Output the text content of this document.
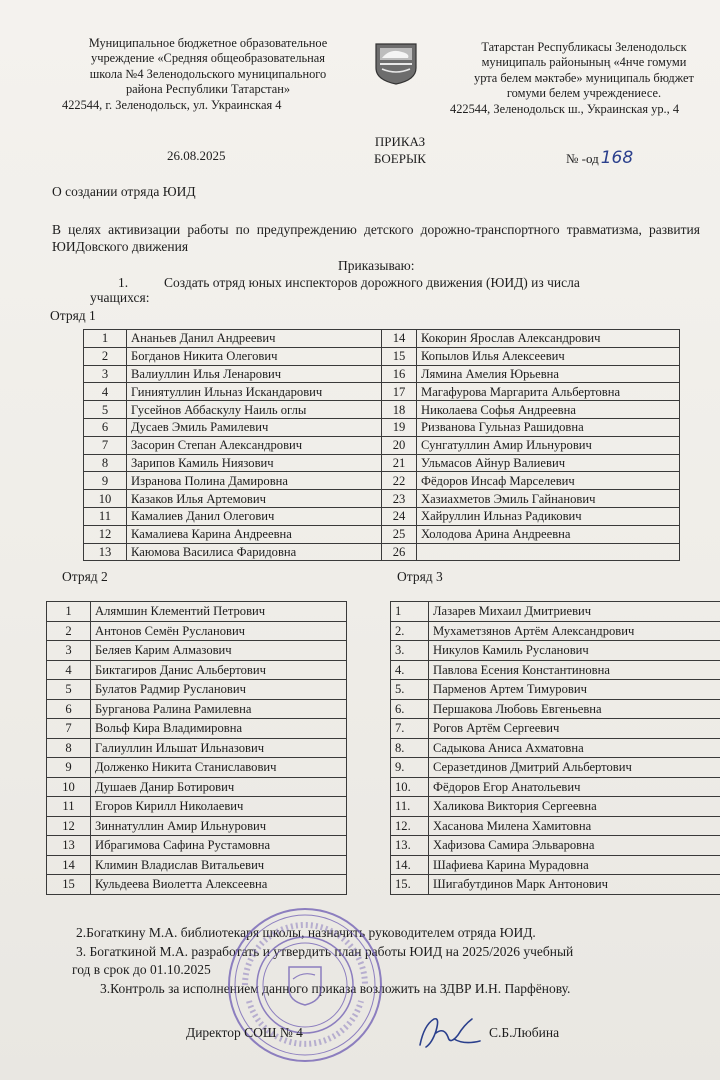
Муниципальное бюджетное образовательное
учреждение «Средняя общеобразовательная
школа №4 Зеленодольского муниципального
района Республики Татарстан»
422544, г. Зеленодольск, ул. Украинская 4
Татарстан Республикасы Зеленодольск
муниципаль районының «4нче гомуми
урта белем мәктәбе» муниципаль бюджет
гомуми белем учреждениесе.
422544, Зеленодольск ш., Украинская ур., 4
ПРИКАЗ
БОЕРЫК
26.08.2025	№ -од 168
О создании отряда ЮИД
В целях активизации работы по предупреждению детского дорожно-транспортного травматизма, развития ЮИДовского движения
Приказываю:
1.	Создать отряд юных инспекторов дорожного движения (ЮИД) из числа
учащихся:
Отряд 1
1	Ананьев Данил Андреевич	14	Кокорин Ярослав Александрович
2	Богданов Никита Олегович	15	Копылов Илья Алексеевич
3	Валиуллин Илья Ленарович	16	Лямина Амелия Юрьевна
4	Гиниятуллин Ильназ Искандарович	17	Магафурова Маргарита Альбертовна
5	Гусейнов Аббаскулу Наиль оглы	18	Николаева Софья Андреевна
6	Дусаев Эмиль Рамилевич	19	Ризванова Гульназ Рашидовна
7	Засорин Степан Александрович	20	Сунгатуллин Амир Ильнурович
8	Зарипов Камиль Ниязович	21	Ульмасов Айнур Валиевич
9	Изранова Полина Дамировна	22	Фёдоров Инсаф Марселевич
10	Казаков Илья Артемович	23	Хазиахметов Эмиль Гайнанович
11	Камалиев Данил Олегович	24	Хайруллин Ильназ Радикович
12	Камалиева Карина Андреевна	25	Холодова Арина Андреевна
13	Каюмова Василиса Фаридовна	26	
Отряд 2	Отряд 3
1	Алямшин Клементий Петрович
2	Антонов Семён Русланович
3	Беляев Карим Алмазович
4	Биктагиров Данис Альбертович
5	Булатов Радмир Русланович
6	Бурганова Ралина Рамилевна
7	Вольф Кира Владимировна
8	Галиуллин Ильшат Ильназович
9	Долженко Никита Станиславович
10	Душаев Данир Ботирович
11	Егоров Кирилл Николаевич
12	Зиннатуллин Амир Ильнурович
13	Ибрагимова Сафина Рустамовна
14	Климин Владислав Витальевич
15	Кульдеева Виолетта Алексеевна
1	Лазарев Михаил Дмитриевич
2.	Мухаметзянов Артём Александрович
3.	Никулов Камиль Русланович
4.	Павлова Есения Константиновна
5.	Парменов Артем Тимурович
6.	Першакова Любовь Евгеньевна
7.	Рогов Артём Сергеевич
8.	Садыкова Аниса Ахматовна
9.	Серазетдинов Дмитрий Альбертович
10.	Фёдоров Егор Анатольевич
11.	Халикова Виктория Сергеевна
12.	Хасанова Милена Хамитовна
13.	Хафизова Самира Эльваровна
14.	Шафиева Карина Мурадовна
15.	Шигабутдинов Марк Антонович

2.Богаткину М.А. библиотекаря школы, назначить руководителем отряда ЮИД.

3. Богаткиной М.А. разработать и утвердить план работы ЮИД на 2025/2026 учебный

год в срок до 01.10.2025

3.Контроль за исполнением данного приказа возложить на ЗДВР И.Н. Парфёнову.

Директор СОШ № 4	С.Б.Любина
